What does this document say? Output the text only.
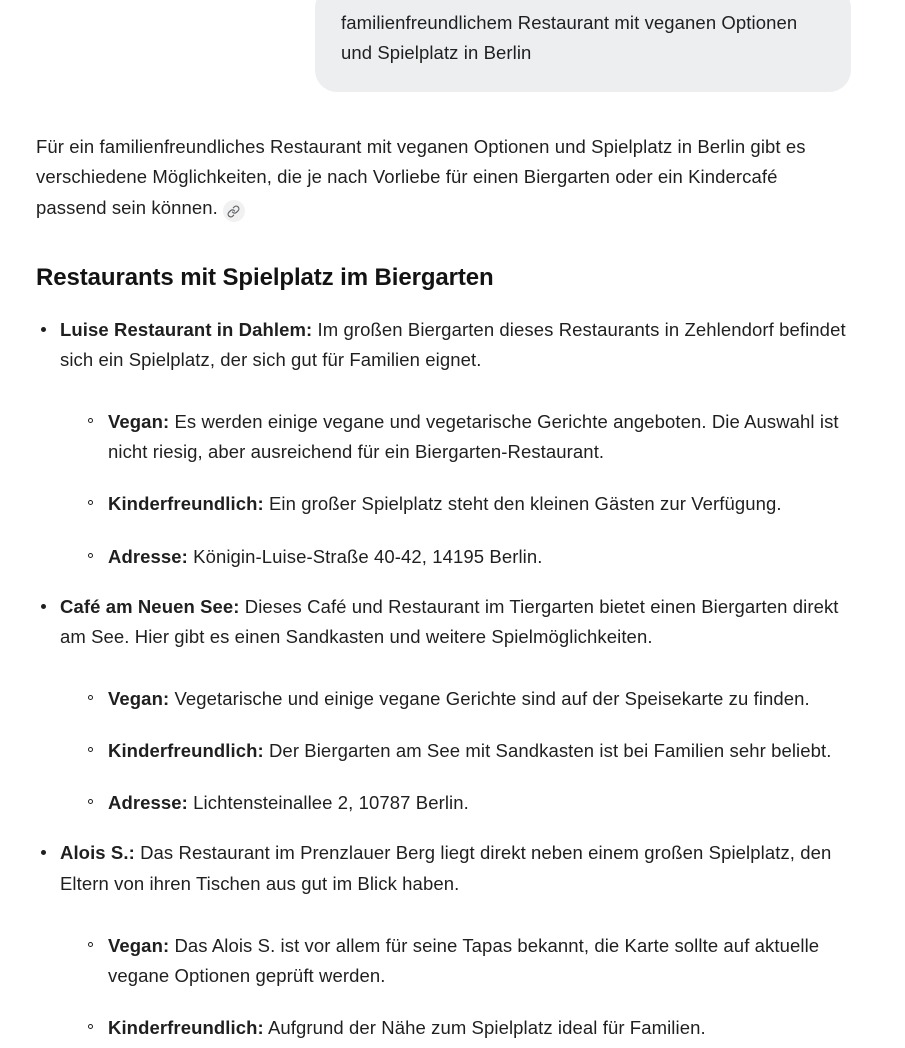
familienfreundlichem Restaurant mit veganen Optionen und Spielplatz in Berlin

Für ein familienfreundliches Restaurant mit veganen Optionen und Spielplatz in Berlin gibt es verschiedene Möglichkeiten, die je nach Vorliebe für einen Biergarten oder ein Kindercafé passend sein können.

Restaurants mit Spielplatz im Biergarten

Luise Restaurant in Dahlem: Im großen Biergarten dieses Restaurants in Zehlendorf befindet sich ein Spielplatz, der sich gut für Familien eignet.

Vegan: Es werden einige vegane und vegetarische Gerichte angeboten. Die Auswahl ist nicht riesig, aber ausreichend für ein Biergarten-Restaurant.

Kinderfreundlich: Ein großer Spielplatz steht den kleinen Gästen zur Verfügung.

Adresse: Königin-Luise-Straße 40-42, 14195 Berlin.

Café am Neuen See: Dieses Café und Restaurant im Tiergarten bietet einen Biergarten direkt am See. Hier gibt es einen Sandkasten und weitere Spielmöglichkeiten.

Vegan: Vegetarische und einige vegane Gerichte sind auf der Speisekarte zu finden.

Kinderfreundlich: Der Biergarten am See mit Sandkasten ist bei Familien sehr beliebt.

Adresse: Lichtensteinallee 2, 10787 Berlin.

Alois S.: Das Restaurant im Prenzlauer Berg liegt direkt neben einem großen Spielplatz, den Eltern von ihren Tischen aus gut im Blick haben.

Vegan: Das Alois S. ist vor allem für seine Tapas bekannt, die Karte sollte auf aktuelle vegane Optionen geprüft werden.

Kinderfreundlich: Aufgrund der Nähe zum Spielplatz ideal für Familien.
